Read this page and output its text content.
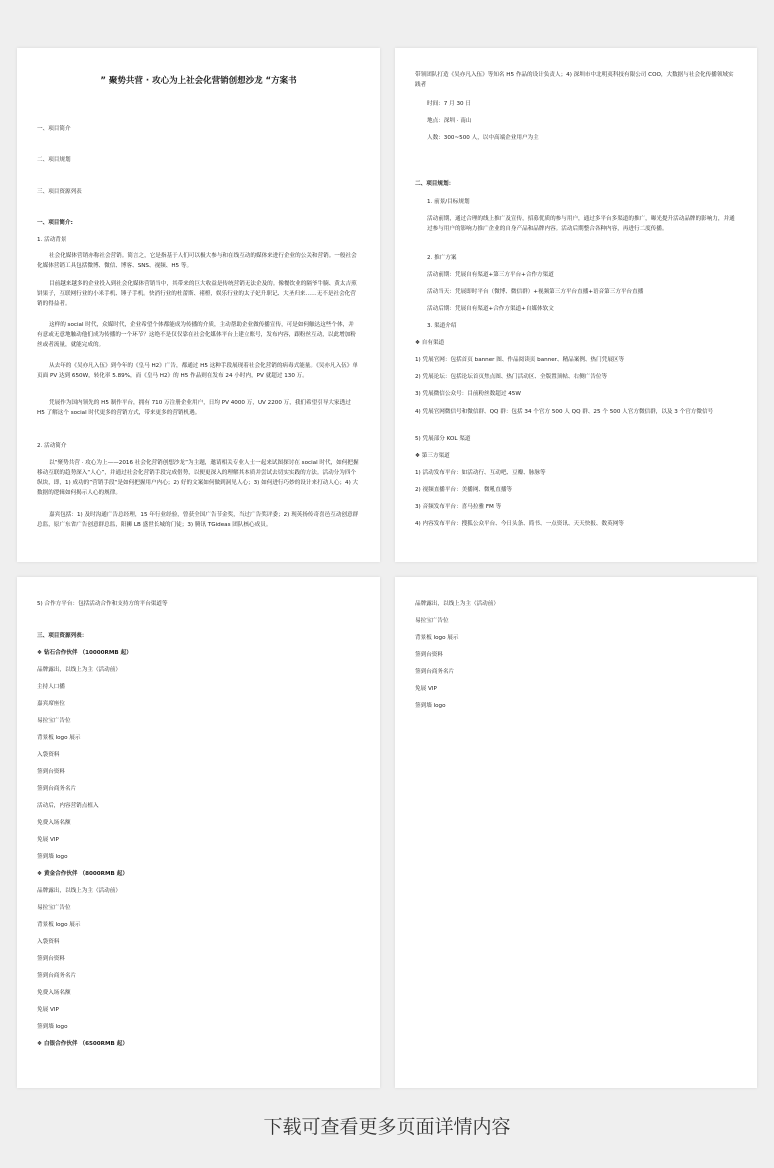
” 聚势共营 · 攻心为上社会化营销创想沙龙 “方案书
一、项目简介
二、项目规划
三、项目资源列表
一、项目简介:
1. 活动背景
社会化媒体营销亦称社会营销。简言之，它是指基于人们可以极大参与和在线互动的媒体来进行企业的公关和营销。一般社会化媒体营销工具包括微博、微信、博客、SNS、视频、H5 等。
目前越来越多的企业投入到社会化媒体营销当中，其带来的巨大收益是传统营销无法企及的。像餐饮业的隔爷牛腩、黄太吉煎饼果子，互联网行业的小米手机、锤子手机。快消行业的杜蕾斯、褚橙，娱乐行业的太子妃升职记、大圣归来……无不是社会化营销的得益者。
这样的 social 时代，众媒时代，企业希望个体都能成为传播的介质，主动帮助企业做传播宣传，可是如何触达这些个体，并有意或无意地触动他们成为传播的一个环节？这绝不是仅仅靠在社会化媒体平台上建立账号，发布内容，跟粉丝互动，以此增加粉丝或者流量，就能完成的。
从去年的《吴亦凡入伍》到今年的《皇马 H2》广告，都通过 H5 这种手段展现着社会化营销的病毒式能量。《吴亦凡入伍》单页面 PV 达到 650W，转化率 5.89%，而《皇马 H2》的 H5 作品则在发布 24 小时内，PV 就超过 130 万。
凭展作为国内领先的 H5 制作平台，拥有 710 万注册企业用户，日均 PV 4000 万，UV 2200 万，我们希望引导大家透过 H5 了解这个 social 时代更多的营销方式，带来更多的营销机遇。
2. 活动简介
以“聚势共营 · 攻心为上——2016 社会化营销创想沙龙”为主题，邀请相关专业人士一起来试图探讨在 social 时代，如何把握移动互联的趋势深入“人心”，并通过社会化营销手段完成借势，以便更深入的理解其本质并尝试去切实实践的方法。活动分为四个纵块，即，1) 成功的”营销手段“是如何把握用户内心；2) 好的文案如何做到洞见人心；3) 如何进行巧妙的设计来打动人心；4) 大数据的逻辑如何揭示人心的规律。
嘉宾包括：1) 及时沟通广告总经理，15 年行业经验，曾获全国广告节金奖，当过广告奖评委；2) 现英扬传奇喜邑互动创意群总监，原广东省广告创意群总监，阳狮 LB 盛世长城的门徒；3) 腾讯 TGideas 团队核心成员。
带领团队打造《吴亦凡入伍》等知名 H5 作品的设计负责人；4) 深圳市中北明夷科技有限公司 COO，大数据与社会化传播领域实践者
时间：7 月 30 日
地点：深圳 · 南山
人数：300~500 人，以中高端企业用户为主
二、项目规划：
1. 前景/目标规划
活动前期，通过合理的线上推广及宣传，招募优质的参与用户，通过多平台多渠道的推广，曝光提升活动品牌的影响力，并通过参与用户的影响力推广企业的自身产品和品牌内容。活动后期整合各种内容，再进行二度传播。
2. 推广方案
活动前期：凭展自有渠道+第三方平台+合作方渠道
活动当天：凭展即时平台（微博、微信群）+视频第三方平台直播+语音第三方平台直播
活动后期：凭展自有渠道+合作方渠道+自媒体软文
3. 渠道介绍
❖ 自有渠道
1) 凭展官网：包括首页 banner 图、作品阅读页 banner、精品案例、热门凭展区等
2) 凭展论坛：包括论坛首页焦点图、热门活动区、全版置顶帖、右侧广告位等
3) 凭展微信公众号：目前粉丝数超过 45W
4) 凭展官网微信号和微信群、QQ 群：包括 34 个官方 500 人 QQ 群、25 个 500 人官方微信群，以及 3 个官方微信号
5) 凭展部分 KOL 渠道
❖ 第三方渠道
1) 活动发布平台：如活动行、互动吧、豆瓣、脉脉等
2) 视频直播平台：美播网、微吼直播等
3) 音频发布平台：喜马拉雅 FM 等
4) 内容发布平台：搜狐公众平台、今日头条、简书、一点资讯、天天快报、数英网等
5) 合作方平台：包括活动合作和支持方的平台渠道等
三、项目资源列表：
❖ 钻石合作伙伴 （10000RMB 起）
品牌露出，以线上为主（活动前）
主持人口播
嘉宾席座位
易拉宝广告位
背景板 logo 展示
入袋资料
签到台资料
签到台商务名片
活动后，内容营销点植入
免费入场名额
免展 VIP
签到墙 logo
❖ 黄金合作伙伴 （8000RMB 起）
品牌露出，以线上为主（活动前）
易拉宝广告位
背景板 logo 展示
入袋资料
签到台资料
签到台商务名片
免费入场名额
免展 VIP
签到墙 logo
❖ 白银合作伙伴 （6500RMB 起）
品牌露出，以线上为主（活动前）
易拉宝广告位
背景板 logo 展示
签到台资料
签到台商务名片
免展 VIP
签到墙 logo
下载可查看更多页面详情内容
